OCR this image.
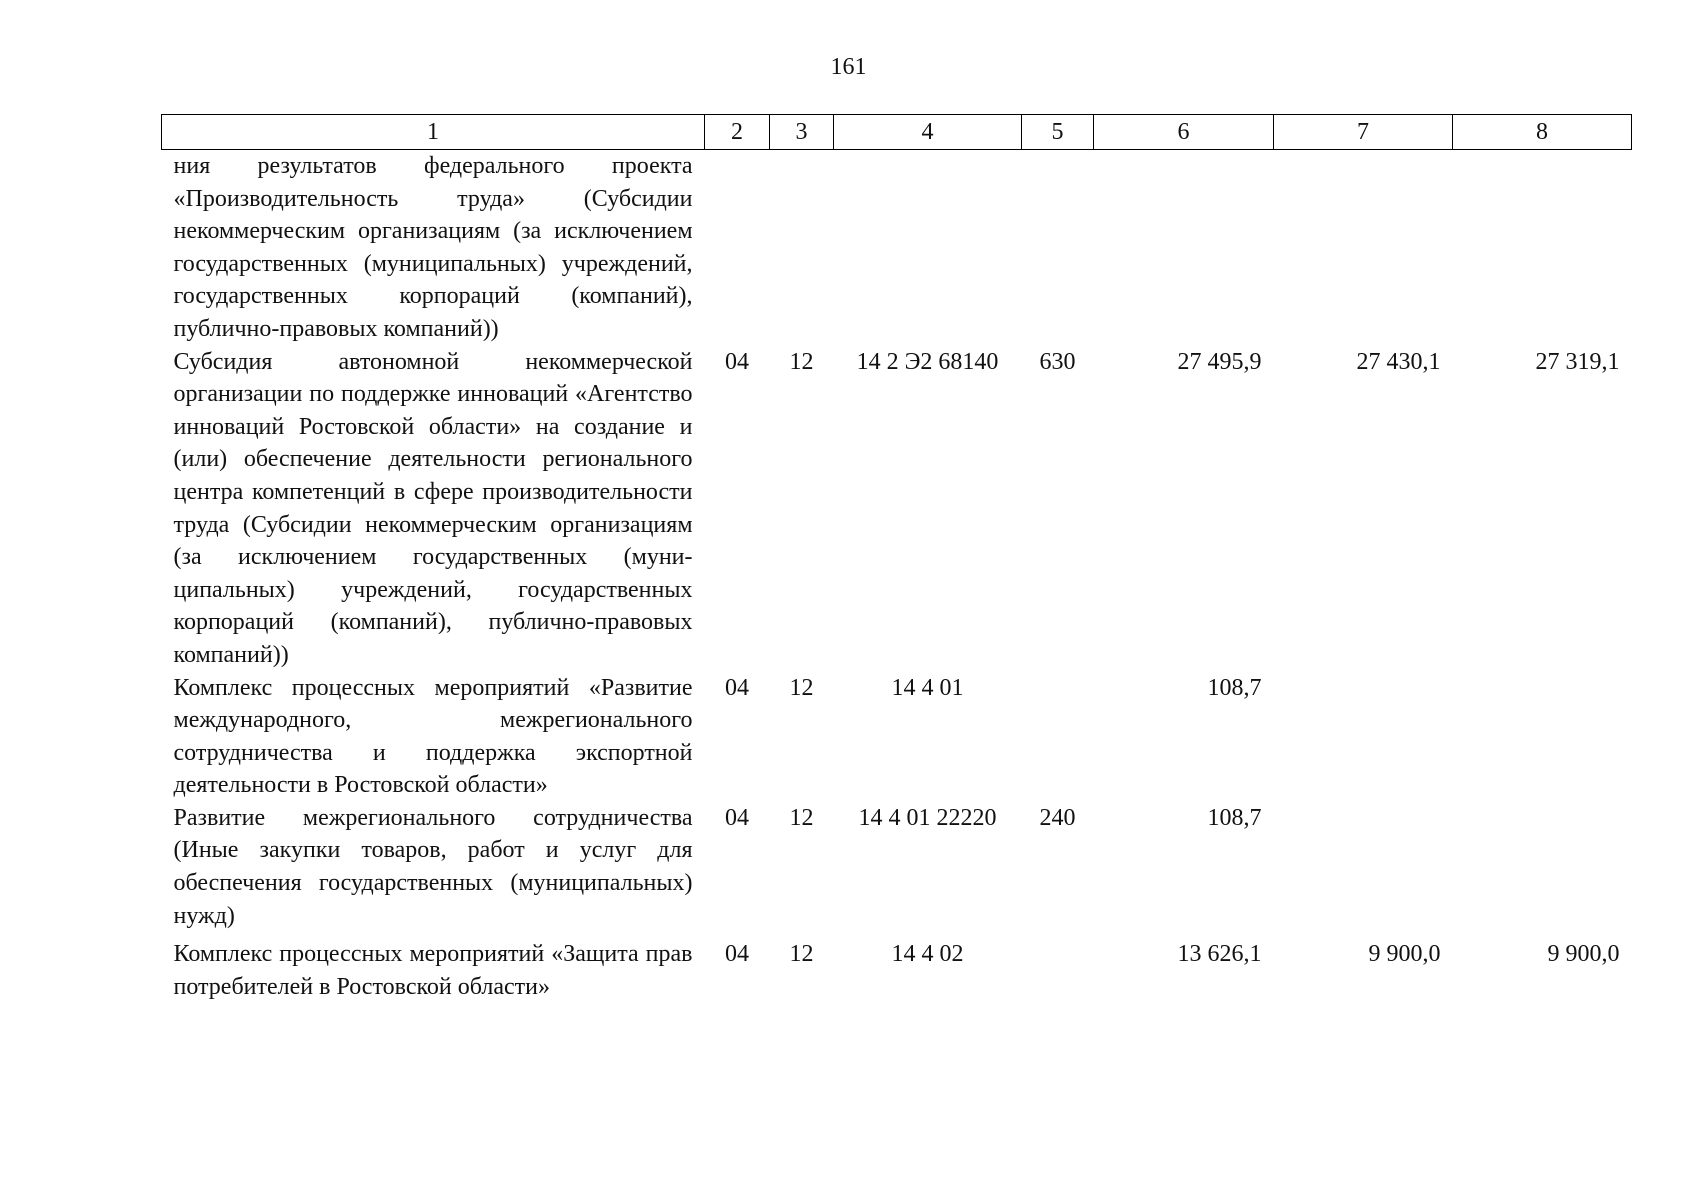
161
1	2	3	4	5	6	7	8
ния результатов федерального проекта «Производительность труда» (Субсидии некоммерческим организациям (за исключением государственных (муниципальных) учреждений, государственных корпораций (компаний), публично-правовых компаний))							
Субсидия автономной некоммерческой организации по поддержке инноваций «Агентство инноваций Ростовской области» на создание и (или) обеспечение деятельности регионального центра компетенций в сфере производительности труда (Субсидии некоммерческим организациям (за исключением государственных (муниципальных) учреждений, государственных корпораций (компаний), публично-правовых компаний))	04	12	14 2 Э2 68140	630	27 495,9	27 430,1	27 319,1
Комплекс процессных мероприятий «Развитие международного, межрегионального сотрудничества и поддержка экспортной деятельности в Ростовской области»	04	12	14 4 01		108,7		
Развитие межрегионального сотрудничества (Иные закупки товаров, работ и услуг для обеспечения государственных (муниципальных) нужд)	04	12	14 4 01 22220	240	108,7		
Комплекс процессных мероприятий «Защита прав потребителей в Ростовской области»	04	12	14 4 02		13 626,1	9 900,0	9 900,0
